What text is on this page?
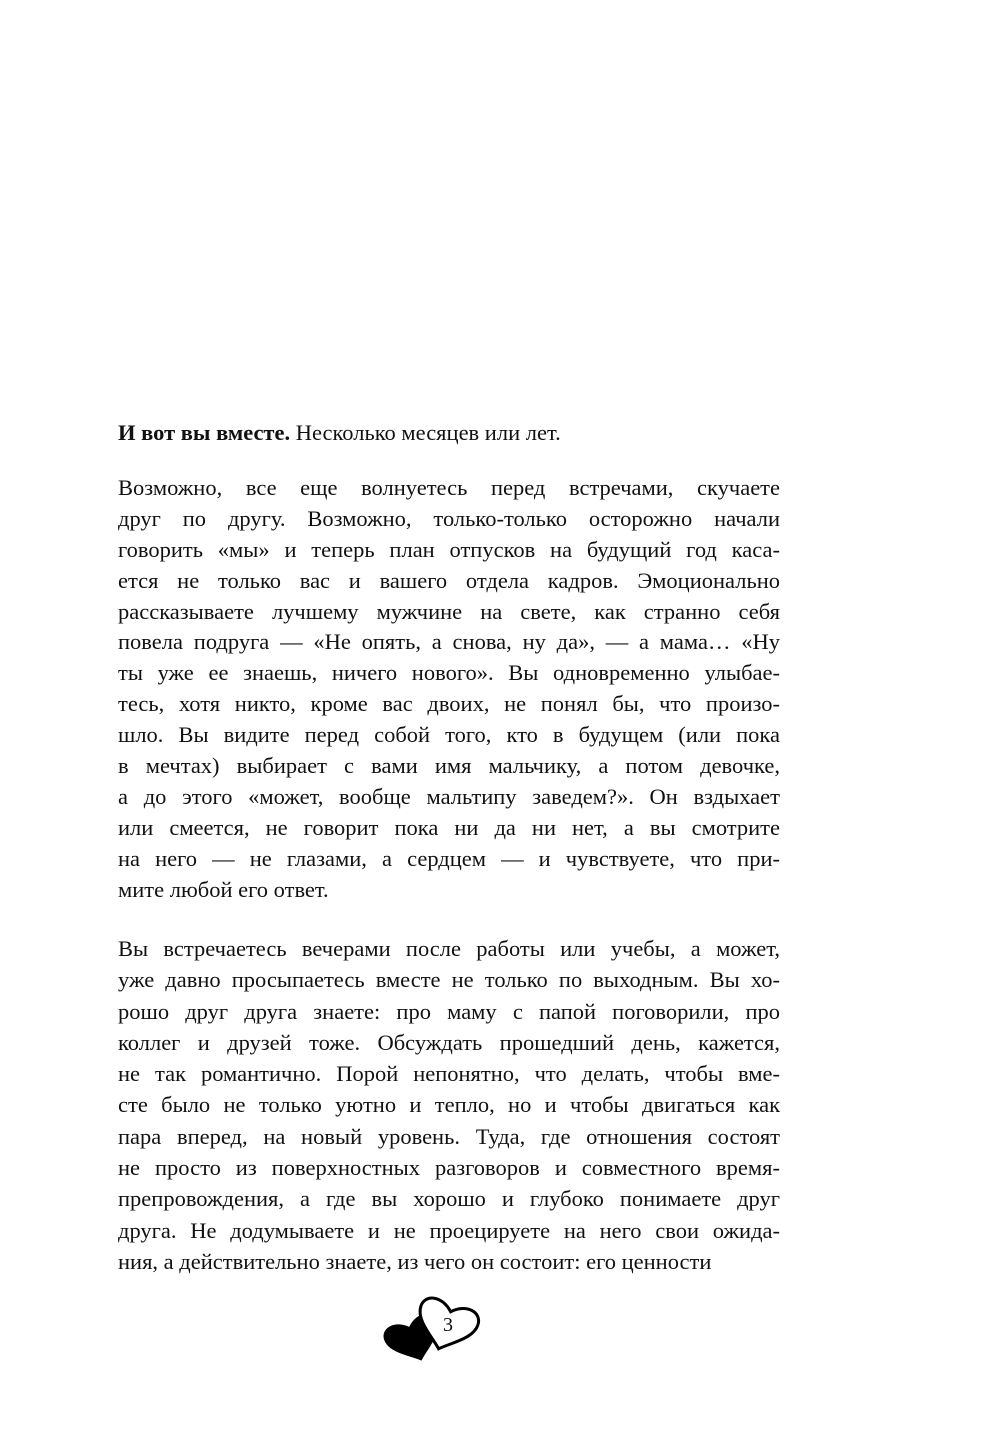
И вот вы вместе. Несколько месяцев или лет.
Возможно, все еще волнуетесь перед встречами, скучаете
друг по другу. Возможно, только-только осторожно начали
говорить «мы» и теперь план отпусков на будущий год каса-
ется не только вас и вашего отдела кадров. Эмоционально
рассказываете лучшему мужчине на свете, как странно себя
повела подруга — «Не опять, а снова, ну да», — а мама… «Ну
ты уже ее знаешь, ничего нового». Вы одновременно улыбае-
тесь, хотя никто, кроме вас двоих, не понял бы, что произо-
шло. Вы видите перед собой того, кто в будущем (или пока
в мечтах) выбирает с вами имя мальчику, а потом девочке,
а до этого «может, вообще мальтипу заведем?». Он вздыхает
или смеется, не говорит пока ни да ни нет, а вы смотрите
на него — не глазами, а сердцем — и чувствуете, что при-
мите любой его ответ.
Вы встречаетесь вечерами после работы или учебы, а может,
уже давно просыпаетесь вместе не только по выходным. Вы хо-
рошо друг друга знаете: про маму с папой поговорили, про
коллег и друзей тоже. Обсуждать прошедший день, кажется,
не так романтично. Порой непонятно, что делать, чтобы вме-
сте было не только уютно и тепло, но и чтобы двигаться как
пара вперед, на новый уровень. Туда, где отношения состоят
не просто из поверхностных разговоров и совместного время-
препровождения, а где вы хорошо и глубоко понимаете друг
друга. Не додумываете и не проецируете на него свои ожида-
ния, а действительно знаете, из чего он состоит: его ценности
3
